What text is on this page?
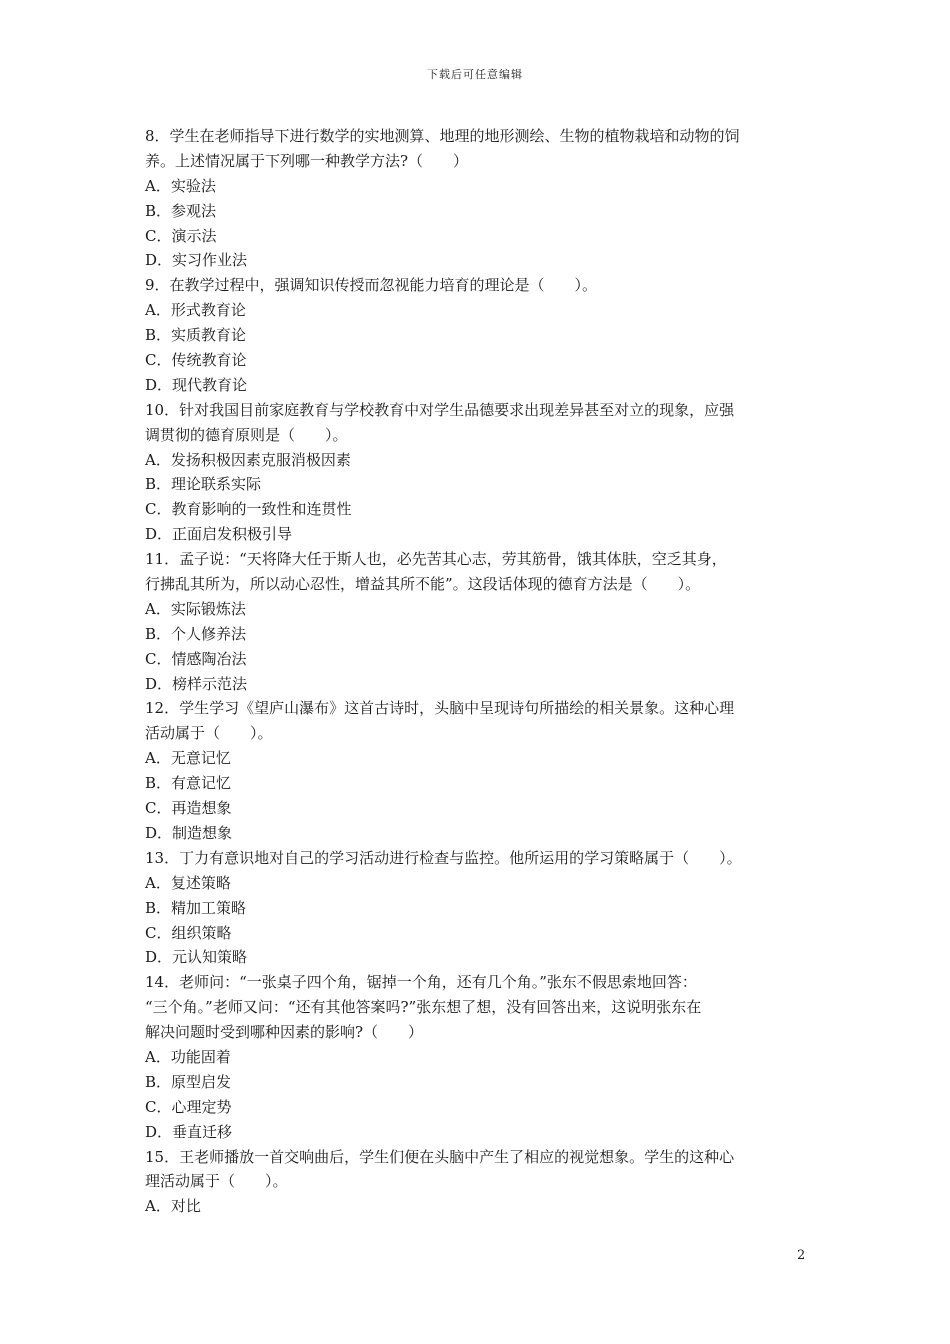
下载后可任意编辑
8．学生在老师指导下进行数学的实地测算、地理的地形测绘、生物的植物栽培和动物的饲
养。上述情况属于下列哪一种教学方法?（　　）
A．实验法
B．参观法
C．演示法
D．实习作业法
9．在教学过程中，强调知识传授而忽视能力培育的理论是（　　）。
A．形式教育论
B．实质教育论
C．传统教育论
D．现代教育论
10．针对我国目前家庭教育与学校教育中对学生品德要求出现差异甚至对立的现象，应强
调贯彻的德育原则是（　　）。
A．发扬积极因素克服消极因素
B．理论联系实际
C．教育影响的一致性和连贯性
D．正面启发积极引导
11．孟子说：“天将降大任于斯人也，必先苦其心志，劳其筋骨，饿其体肤，空乏其身，
行拂乱其所为，所以动心忍性，增益其所不能”。这段话体现的德育方法是（　　）。
A．实际锻炼法
B．个人修养法
C．情感陶冶法
D．榜样示范法
12．学生学习《望庐山瀑布》这首古诗时，头脑中呈现诗句所描绘的相关景象。这种心理
活动属于（　　）。
A．无意记忆
B．有意记忆
C．再造想象
D．制造想象
13．丁力有意识地对自己的学习活动进行检查与监控。他所运用的学习策略属于（　　）。
A．复述策略
B．精加工策略
C．组织策略
D．元认知策略
14．老师问：“一张桌子四个角，锯掉一个角，还有几个角。”张东不假思索地回答：
“三个角。”老师又问：“还有其他答案吗?”张东想了想，没有回答出来，这说明张东在
解决问题时受到哪种因素的影响?（　　）
A．功能固着
B．原型启发
C．心理定势
D．垂直迁移
15．王老师播放一首交响曲后，学生们便在头脑中产生了相应的视觉想象。学生的这种心
理活动属于（　　）。
A．对比
2
